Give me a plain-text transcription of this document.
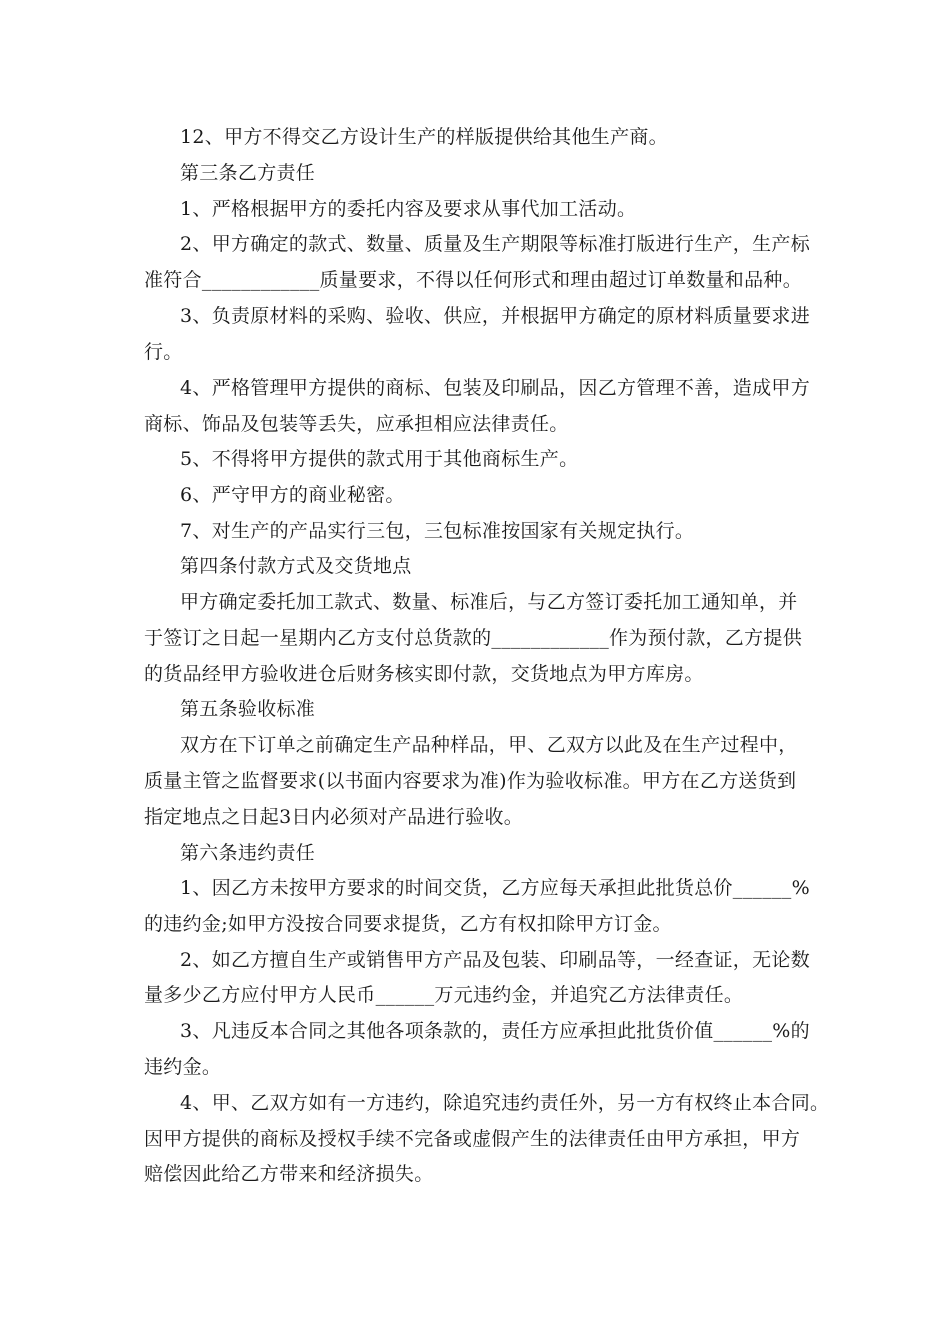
12、甲方不得交乙方设计生产的样版提供给其他生产商。
第三条乙方责任
1、严格根据甲方的委托内容及要求从事代加工活动。
2、甲方确定的款式、数量、质量及生产期限等标准打版进行生产，生产标
准符合____________质量要求，不得以任何形式和理由超过订单数量和品种。
3、负责原材料的采购、验收、供应，并根据甲方确定的原材料质量要求进
行。
4、严格管理甲方提供的商标、包装及印刷品，因乙方管理不善，造成甲方
商标、饰品及包装等丢失，应承担相应法律责任。
5、不得将甲方提供的款式用于其他商标生产。
6、严守甲方的商业秘密。
7、对生产的产品实行三包，三包标准按国家有关规定执行。
第四条付款方式及交货地点
甲方确定委托加工款式、数量、标准后，与乙方签订委托加工通知单，并
于签订之日起一星期内乙方支付总货款的____________作为预付款，乙方提供
的货品经甲方验收进仓后财务核实即付款，交货地点为甲方库房。
第五条验收标准
双方在下订单之前确定生产品种样品，甲、乙双方以此及在生产过程中，
质量主管之监督要求(以书面内容要求为准)作为验收标准。甲方在乙方送货到
指定地点之日起3日内必须对产品进行验收。
第六条违约责任
1、因乙方未按甲方要求的时间交货，乙方应每天承担此批货总价______%
的违约金;如甲方没按合同要求提货，乙方有权扣除甲方订金。
2、如乙方擅自生产或销售甲方产品及包装、印刷品等，一经查证，无论数
量多少乙方应付甲方人民币______万元违约金，并追究乙方法律责任。
3、凡违反本合同之其他各项条款的，责任方应承担此批货价值______%的
违约金。
4、甲、乙双方如有一方违约，除追究违约责任外，另一方有权终止本合同。
因甲方提供的商标及授权手续不完备或虚假产生的法律责任由甲方承担，甲方
赔偿因此给乙方带来和经济损失。
